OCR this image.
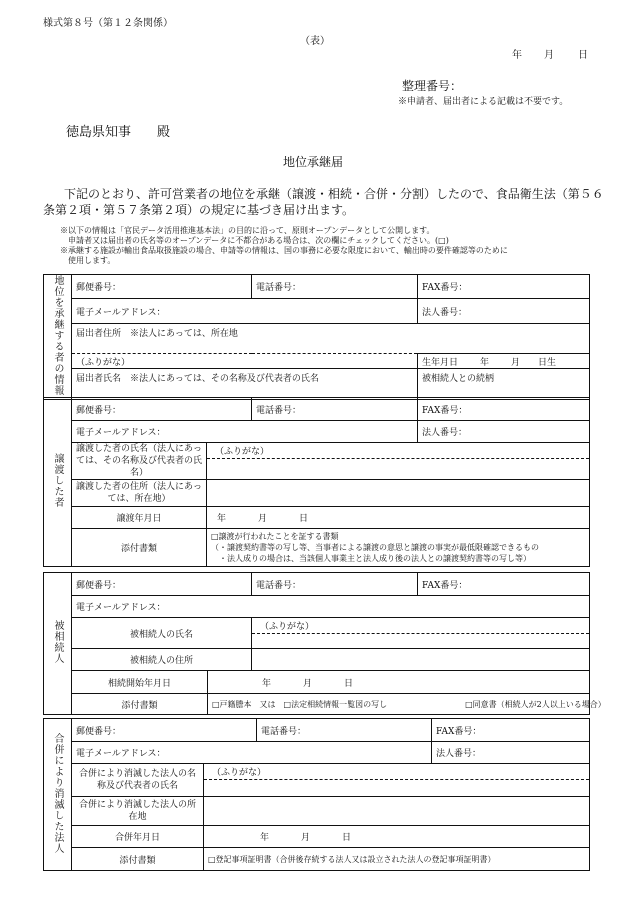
様式第８号（第１２条関係）
（表）
年 月 日
整理番号：
※申請者、届出者による記載は不要です。
徳島県知事　　殿
地位承継届
下記のとおり、許可営業者の地位を承継（譲渡・相続・合併・分割）したので、食品衛生法（第５６
条第２項・第５７条第２項）の規定に基づき届け出ます。
※以下の情報は「官民データ活用推進基本法」の目的に沿って、原則オープンデータとして公開します。
　申請者又は届出者の氏名等のオープンデータに不都合がある場合は、次の欄にチェックしてください。(□)
※承継する施設が輸出食品取扱施設の場合、申請等の情報は、国の事務に必要な限度において、輸出時の要件確認等のために
　使用します。
地位を承継する者の情報	郵便番号：	電話番号：	FAX番号：
	電子メールアドレス：		法人番号：
	届出者住所　※法人にあっては、所在地		
	（ふりがな）		生年月日 年 月 日生
	届出者氏名　※法人にあっては、その名称及び代表者の氏名		被相続人との続柄
譲渡した者	郵便番号：		電話番号：	FAX番号：
	電子メールアドレス：			法人番号：
	譲渡した者の氏名（法人にあっては、その名称及び代表者の氏名）	（ふりがな）		

	譲渡した者の住所（法人にあっては、所在地）			
	譲渡年月日	年 月 日		
	添付書類	□譲渡が行われたことを証する書類
（・譲渡契約書等の写し等、当事者による譲渡の意思と譲渡の事実が最低限確認できるもの
　・法人成りの場合は、当該個人事業主と法人成り後の法人との譲渡契約書等の写し等）		
被相続人	郵便番号：		電話番号：	FAX番号：
	電子メールアドレス：			
	被相続人の氏名		（ふりがな）	

	被相続人の住所			
	相続開始年月日	年 月 日		
	添付書類	□戸籍謄本　又は　□法定相続情報一覧図の写し □同意書（相続人が2人以上いる場合）		
合併により消滅した法人	郵便番号：		電話番号：	FAX番号：
	電子メールアドレス：			法人番号：
	合併により消滅した法人の名称及び代表者の氏名	（ふりがな）		

	合併により消滅した法人の所在地			
	合併年月日	年 月 日		
	添付書類	□登記事項証明書（合併後存続する法人又は設立された法人の登記事項証明書）		
